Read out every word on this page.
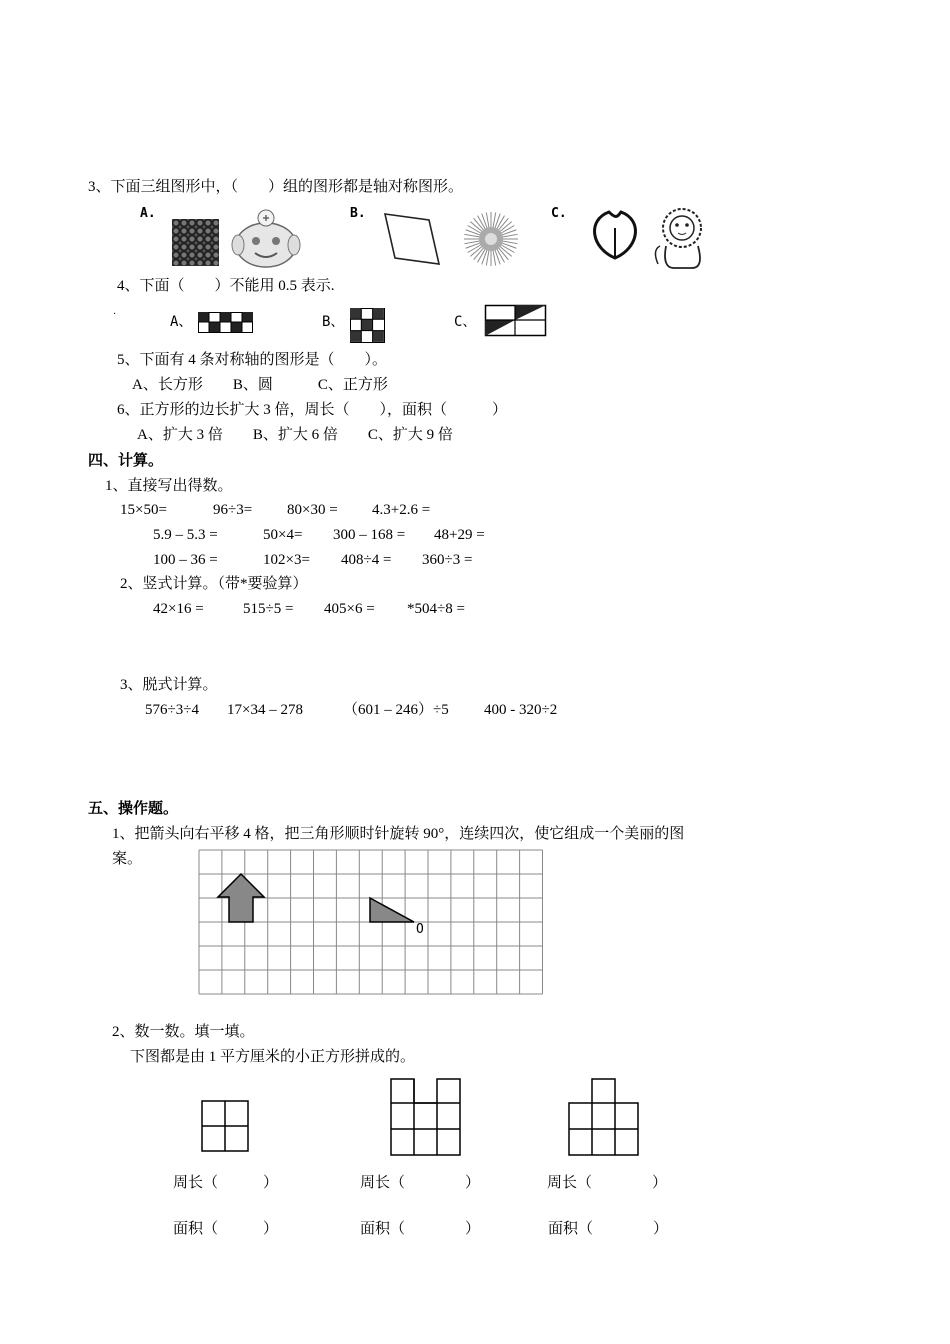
3、下面三组图形中，（　　）组的图形都是轴对称图形。
A.	B.	C.
4、下面（　　）不能用 0.5 表示.
·	A、	B、	C、
5、下面有 4 条对称轴的图形是（　　）。
A、长方形　　B、圆　　　C、正方形
6、正方形的边长扩大 3 倍，周长（　　），面积（　　　）
A、扩大 3 倍　　B、扩大 6 倍　　C、扩大 9 倍
四、计算。
1、直接写出得数。
15×50=	96÷3= 80×30 = 4.3+2.6 =
5.9 – 5.3 =	50×4= 300 – 168 = 48+29 =
100 – 36 =	102×3= 408÷4 = 360÷3 =
2、竖式计算。（带*要验算）
42×16 =	515÷5 = 405×6 = *504÷8 =
3、脱式计算。
576÷3÷4 17×34 – 278	（601 – 246）÷5 400 - 320÷2
五、操作题。
1、把箭头向右平移 4 格，把三角形顺时针旋转 90°，连续四次，使它组成一个美丽的图
案。
O
2、数一数。填一填。
下图都是由 1 平方厘米的小正方形拼成的。
周长（　　　）	周长（　　　　）	周长（　　　　）
面积（　　　）	面积（　　　　）	面积（　　　　）
